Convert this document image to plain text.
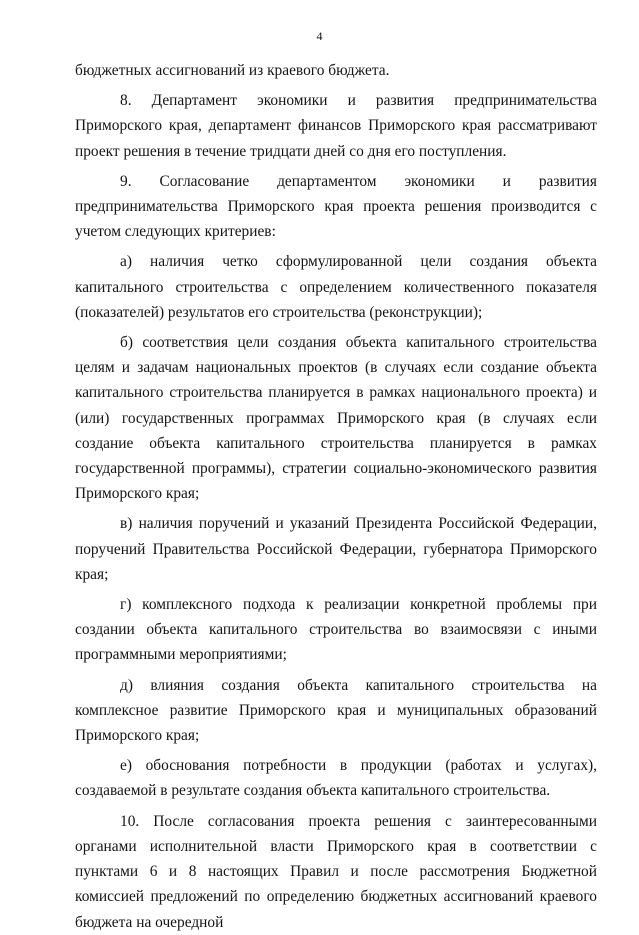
4

бюджетных ассигнований из краевого бюджета.

8. Департамент экономики и развития предпринимательства Приморского края, департамент финансов Приморского края рассматривают проект решения в течение тридцати дней со дня его поступления.

9. Согласование департаментом экономики и развития предпринимательства Приморского края проекта решения производится с учетом следующих критериев:

а) наличия четко сформулированной цели создания объекта капитального строительства с определением количественного показателя (показателей) результатов его строительства (реконструкции);

б) соответствия цели создания объекта капитального строительства целям и задачам национальных проектов (в случаях если создание объекта капитального строительства планируется в рамках национального проекта) и (или) государственных программах Приморского края (в случаях если создание объекта капитального строительства планируется в рамках государственной программы), стратегии социально-экономического развития Приморского края;

в) наличия поручений и указаний Президента Российской Федерации, поручений Правительства Российской Федерации, губернатора Приморского края;

г) комплексного подхода к реализации конкретной проблемы при создании объекта капитального строительства во взаимосвязи с иными программными мероприятиями;

д) влияния создания объекта капитального строительства на комплексное развитие Приморского края и муниципальных образований Приморского края;

е) обоснования потребности в продукции (работах и услугах), создаваемой в результате создания объекта капитального строительства.

10. После согласования проекта решения с заинтересованными органами исполнительной власти Приморского края в соответствии с пунктами 6 и 8 настоящих Правил и после рассмотрения Бюджетной комиссией предложений по определению бюджетных ассигнований краевого бюджета на очередной
